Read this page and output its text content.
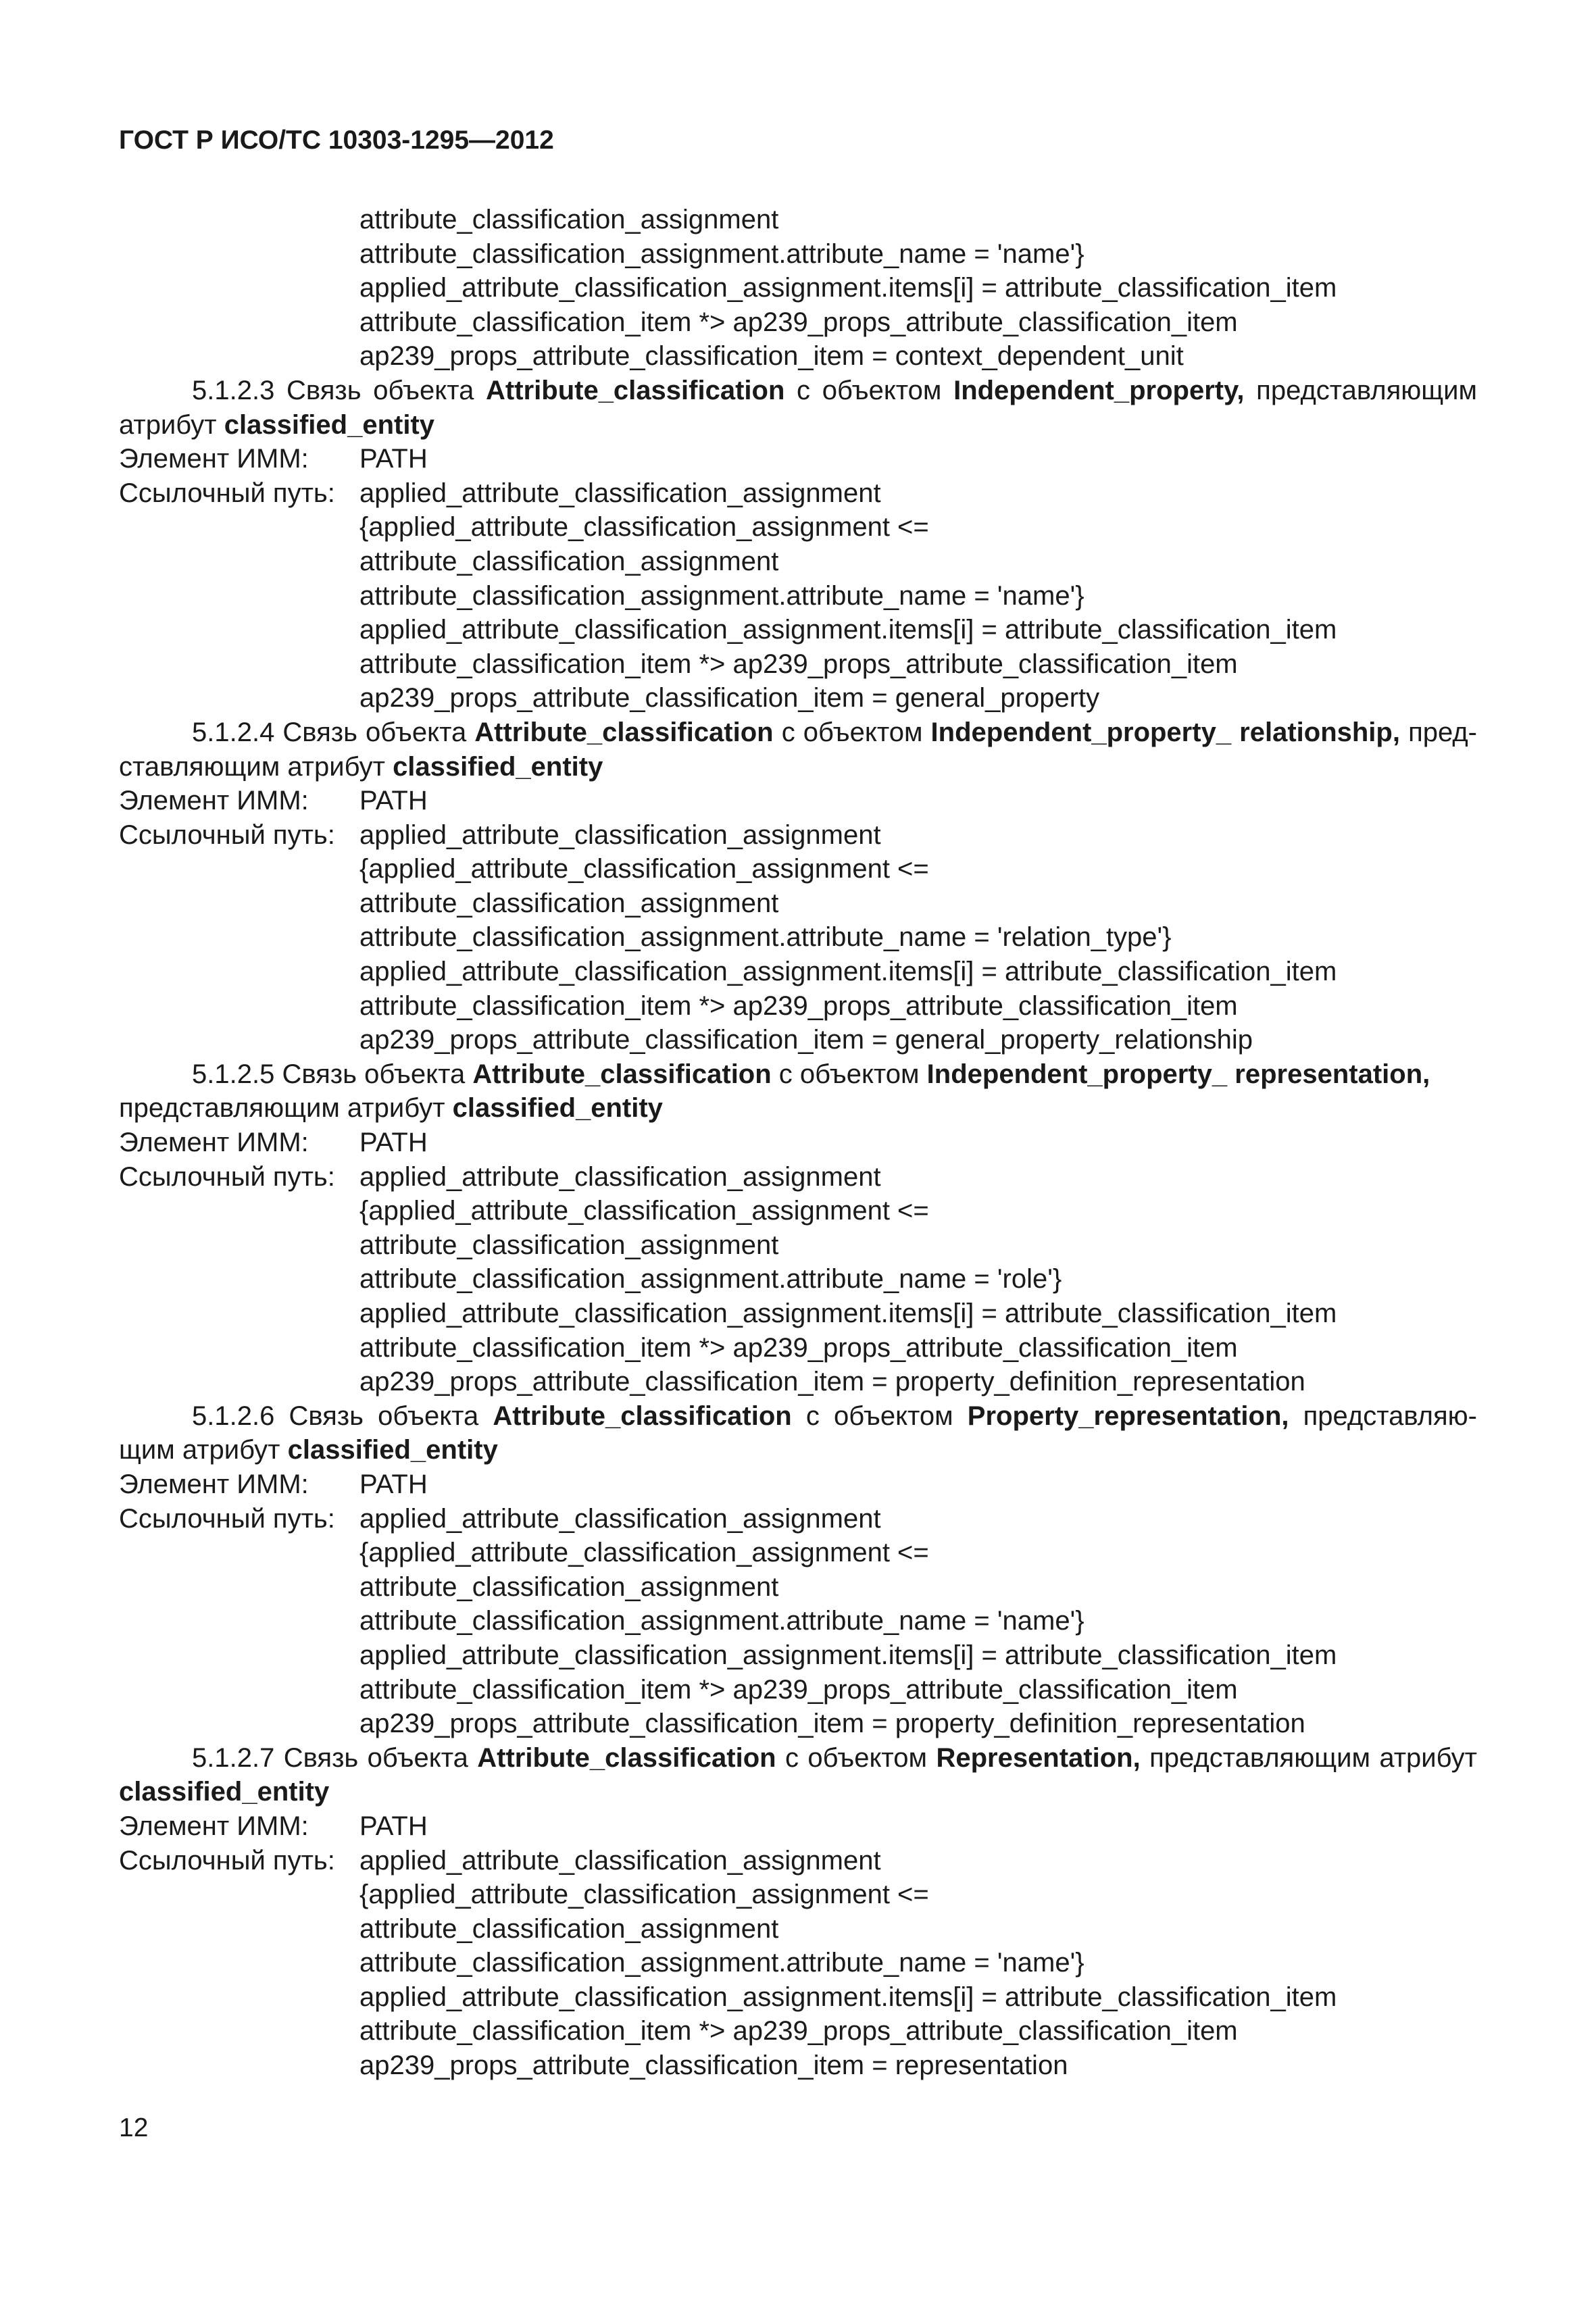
ГОСТ Р ИСО/ТС 10303-1295—2012
attribute_classification_assignment
attribute_classification_assignment.attribute_name = 'name'}
applied_attribute_classification_assignment.items[i] = attribute_classification_item
attribute_classification_item *> ap239_props_attribute_classification_item
ap239_props_attribute_classification_item = context_dependent_unit
5.1.2.3 Связь объекта Attribute_classification с объектом Independent_property, представляющим
атрибут classified_entity
Элемент ИММ:	PATH
Ссылочный путь: applied_attribute_classification_assignment
{applied_attribute_classification_assignment <=
attribute_classification_assignment
attribute_classification_assignment.attribute_name = 'name'}
applied_attribute_classification_assignment.items[i] = attribute_classification_item
attribute_classification_item *> ap239_props_attribute_classification_item
ap239_props_attribute_classification_item = general_property
5.1.2.4 Связь объекта Attribute_classification с объектом Independent_property_ relationship, пред-
ставляющим атрибут classified_entity
Элемент ИММ:	PATH
Ссылочный путь: applied_attribute_classification_assignment
{applied_attribute_classification_assignment <=
attribute_classification_assignment
attribute_classification_assignment.attribute_name = 'relation_type'}
applied_attribute_classification_assignment.items[i] = attribute_classification_item
attribute_classification_item *> ap239_props_attribute_classification_item
ap239_props_attribute_classification_item = general_property_relationship
5.1.2.5 Связь объекта Attribute_classification с объектом Independent_property_ representation,
представляющим атрибут classified_entity
Элемент ИММ:	PATH
Ссылочный путь: applied_attribute_classification_assignment
{applied_attribute_classification_assignment <=
attribute_classification_assignment
attribute_classification_assignment.attribute_name = 'role'}
applied_attribute_classification_assignment.items[i] = attribute_classification_item
attribute_classification_item *> ap239_props_attribute_classification_item
ap239_props_attribute_classification_item = property_definition_representation
5.1.2.6 Связь объекта Attribute_classification с объектом Property_representation, представляю-
щим атрибут classified_entity
Элемент ИММ:	PATH
Ссылочный путь: applied_attribute_classification_assignment
{applied_attribute_classification_assignment <=
attribute_classification_assignment
attribute_classification_assignment.attribute_name = 'name'}
applied_attribute_classification_assignment.items[i] = attribute_classification_item
attribute_classification_item *> ap239_props_attribute_classification_item
ap239_props_attribute_classification_item = property_definition_representation
5.1.2.7 Связь объекта Attribute_classification с объектом Representation, представляющим атрибут
classified_entity
Элемент ИММ:	PATH
Ссылочный путь: applied_attribute_classification_assignment
{applied_attribute_classification_assignment <=
attribute_classification_assignment
attribute_classification_assignment.attribute_name = 'name'}
applied_attribute_classification_assignment.items[i] = attribute_classification_item
attribute_classification_item *> ap239_props_attribute_classification_item
ap239_props_attribute_classification_item = representation
12
